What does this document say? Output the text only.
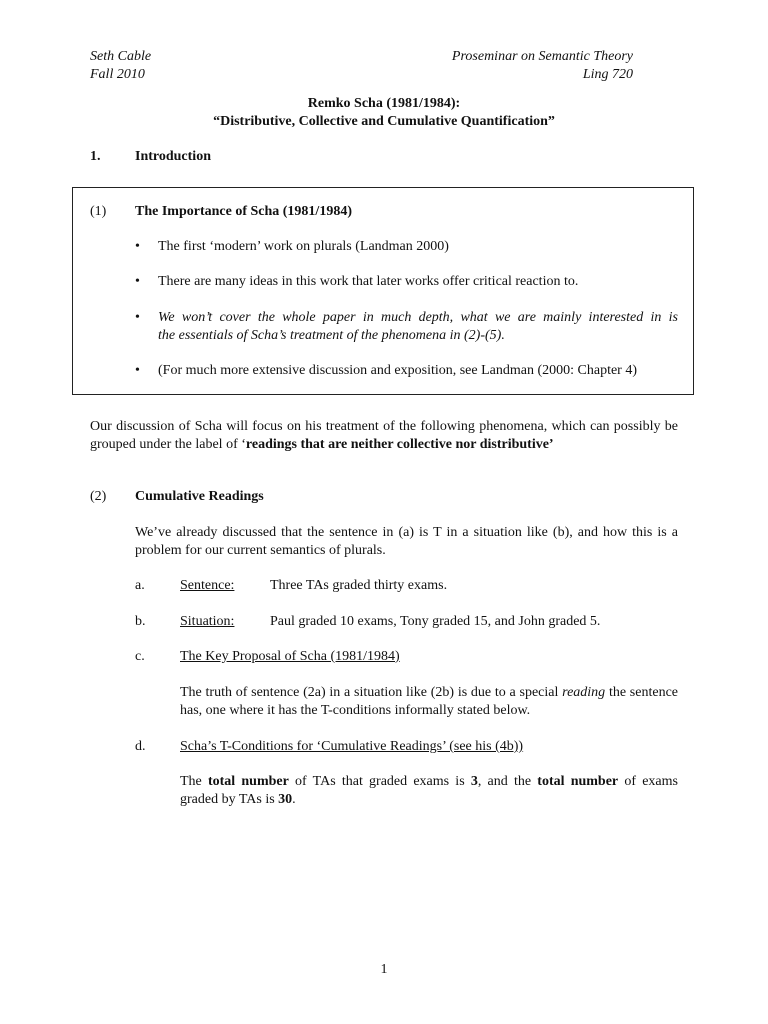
Seth Cable
Fall 2010
Proseminar on Semantic Theory
Ling 720
Remko Scha (1981/1984):
“Distributive, Collective and Cumulative Quantification”
1. Introduction
(1) The Importance of Scha (1981/1984)
• The first ‘modern’ work on plurals (Landman 2000)
• There are many ideas in this work that later works offer critical reaction to.
• We won’t cover the whole paper in much depth, what we are mainly interested in is
the essentials of Scha’s treatment of the phenomena in (2)-(5).
• (For much more extensive discussion and exposition, see Landman (2000: Chapter 4)
Our discussion of Scha will focus on his treatment of the following phenomena, which can possibly be grouped under the label of ‘readings that are neither collective nor distributive’
(2) Cumulative Readings
We’ve already discussed that the sentence in (a) is T in a situation like (b), and how this is a problem for our current semantics of plurals.
a.	Sentence:	Three TAs graded thirty exams.
b. Situation:	Paul graded 10 exams, Tony graded 15, and John graded 5.
c.	The Key Proposal of Scha (1981/1984)
The truth of sentence (2a) in a situation like (2b) is due to a special reading the sentence has, one where it has the T-conditions informally stated below.
d. Scha’s T-Conditions for ‘Cumulative Readings’ (see his (4b))
The total number of TAs that graded exams is 3, and the total number of exams graded by TAs is 30.
1
